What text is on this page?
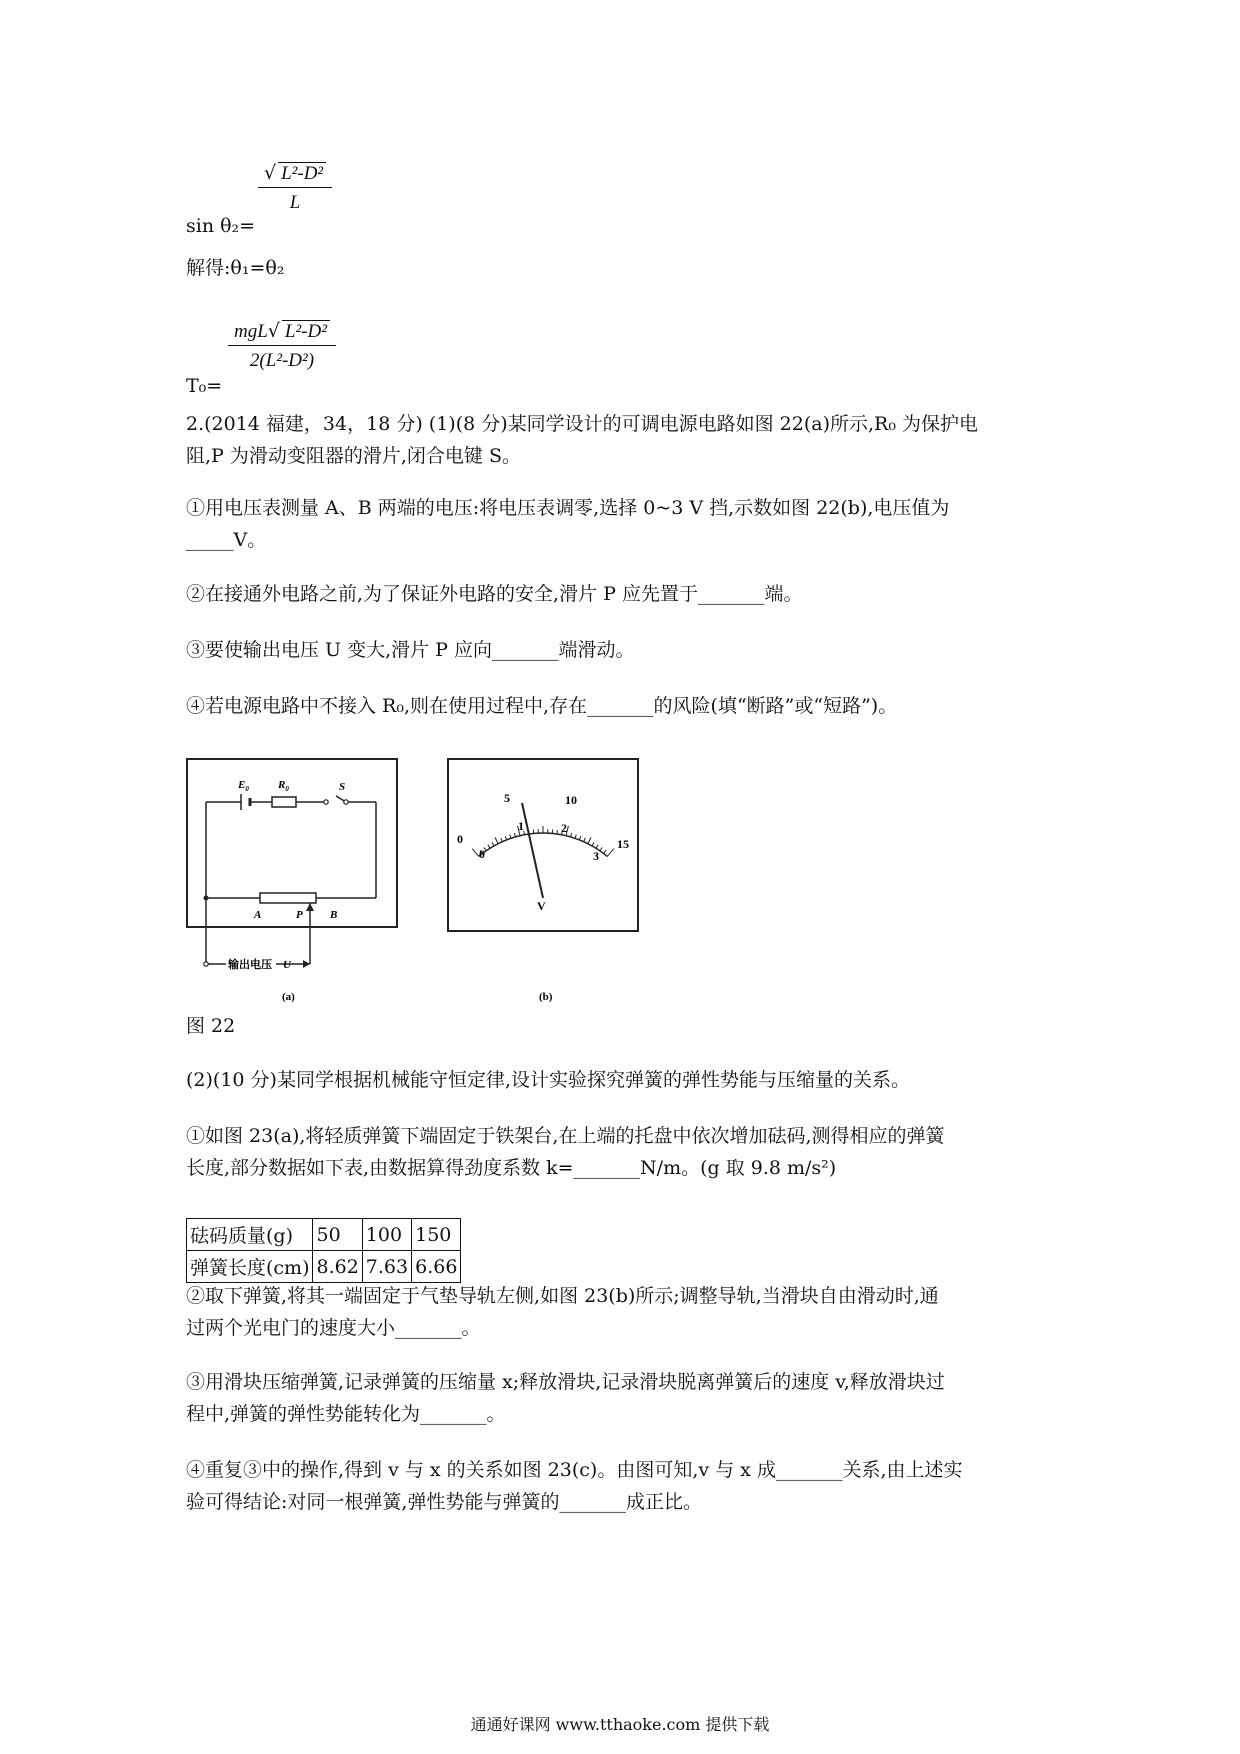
$\frac{\text{√ L²-D²}}{L}$
sin θ₂=
解得:θ₁=θ₂
mgL√ L²-D²
2(L²-D²)
T₀=
2.(2014 福建，34，18 分) (1)(8 分)某同学设计的可调电源电路如图 22(a)所示,R₀ 为保护电
阻,P 为滑动变阻器的滑片,闭合电键 S。
①用电压表测量 A、B 两端的电压:将电压表调零,选择 0~3 V 挡,示数如图 22(b),电压值为
_____V。
②在接通外电路之前,为了保证外电路的安全,滑片 P 应先置于_______端。
③要使输出电压 U 变大,滑片 P 应向_______端滑动。
④若电源电路中不接入 R₀,则在使用过程中,存在_______的风险(填“断路”或“短路”)。
$E_0$	$R_0$	S
A	P B
输出电压 U
(a)
0
5	10
15
0
1	2
3
V
(b)
图 22
(2)(10 分)某同学根据机械能守恒定律,设计实验探究弹簧的弹性势能与压缩量的关系。
①如图 23(a),将轻质弹簧下端固定于铁架台,在上端的托盘中依次增加砝码,测得相应的弹簧
长度,部分数据如下表,由数据算得劲度系数 k=_______N/m。(g 取 9.8 m/s²)
砝码质量(g)	50	100	150
弹簧长度(cm)	8.62	7.63	6.66
②取下弹簧,将其一端固定于气垫导轨左侧,如图 23(b)所示;调整导轨,当滑块自由滑动时,通
过两个光电门的速度大小_______。
③用滑块压缩弹簧,记录弹簧的压缩量 x;释放滑块,记录滑块脱离弹簧后的速度 v,释放滑块过
程中,弹簧的弹性势能转化为_______。
④重复③中的操作,得到 v 与 x 的关系如图 23(c)。由图可知,v 与 x 成_______关系,由上述实
验可得结论:对同一根弹簧,弹性势能与弹簧的_______成正比。
通通好课网 www.tthaoke.com 提供下载
